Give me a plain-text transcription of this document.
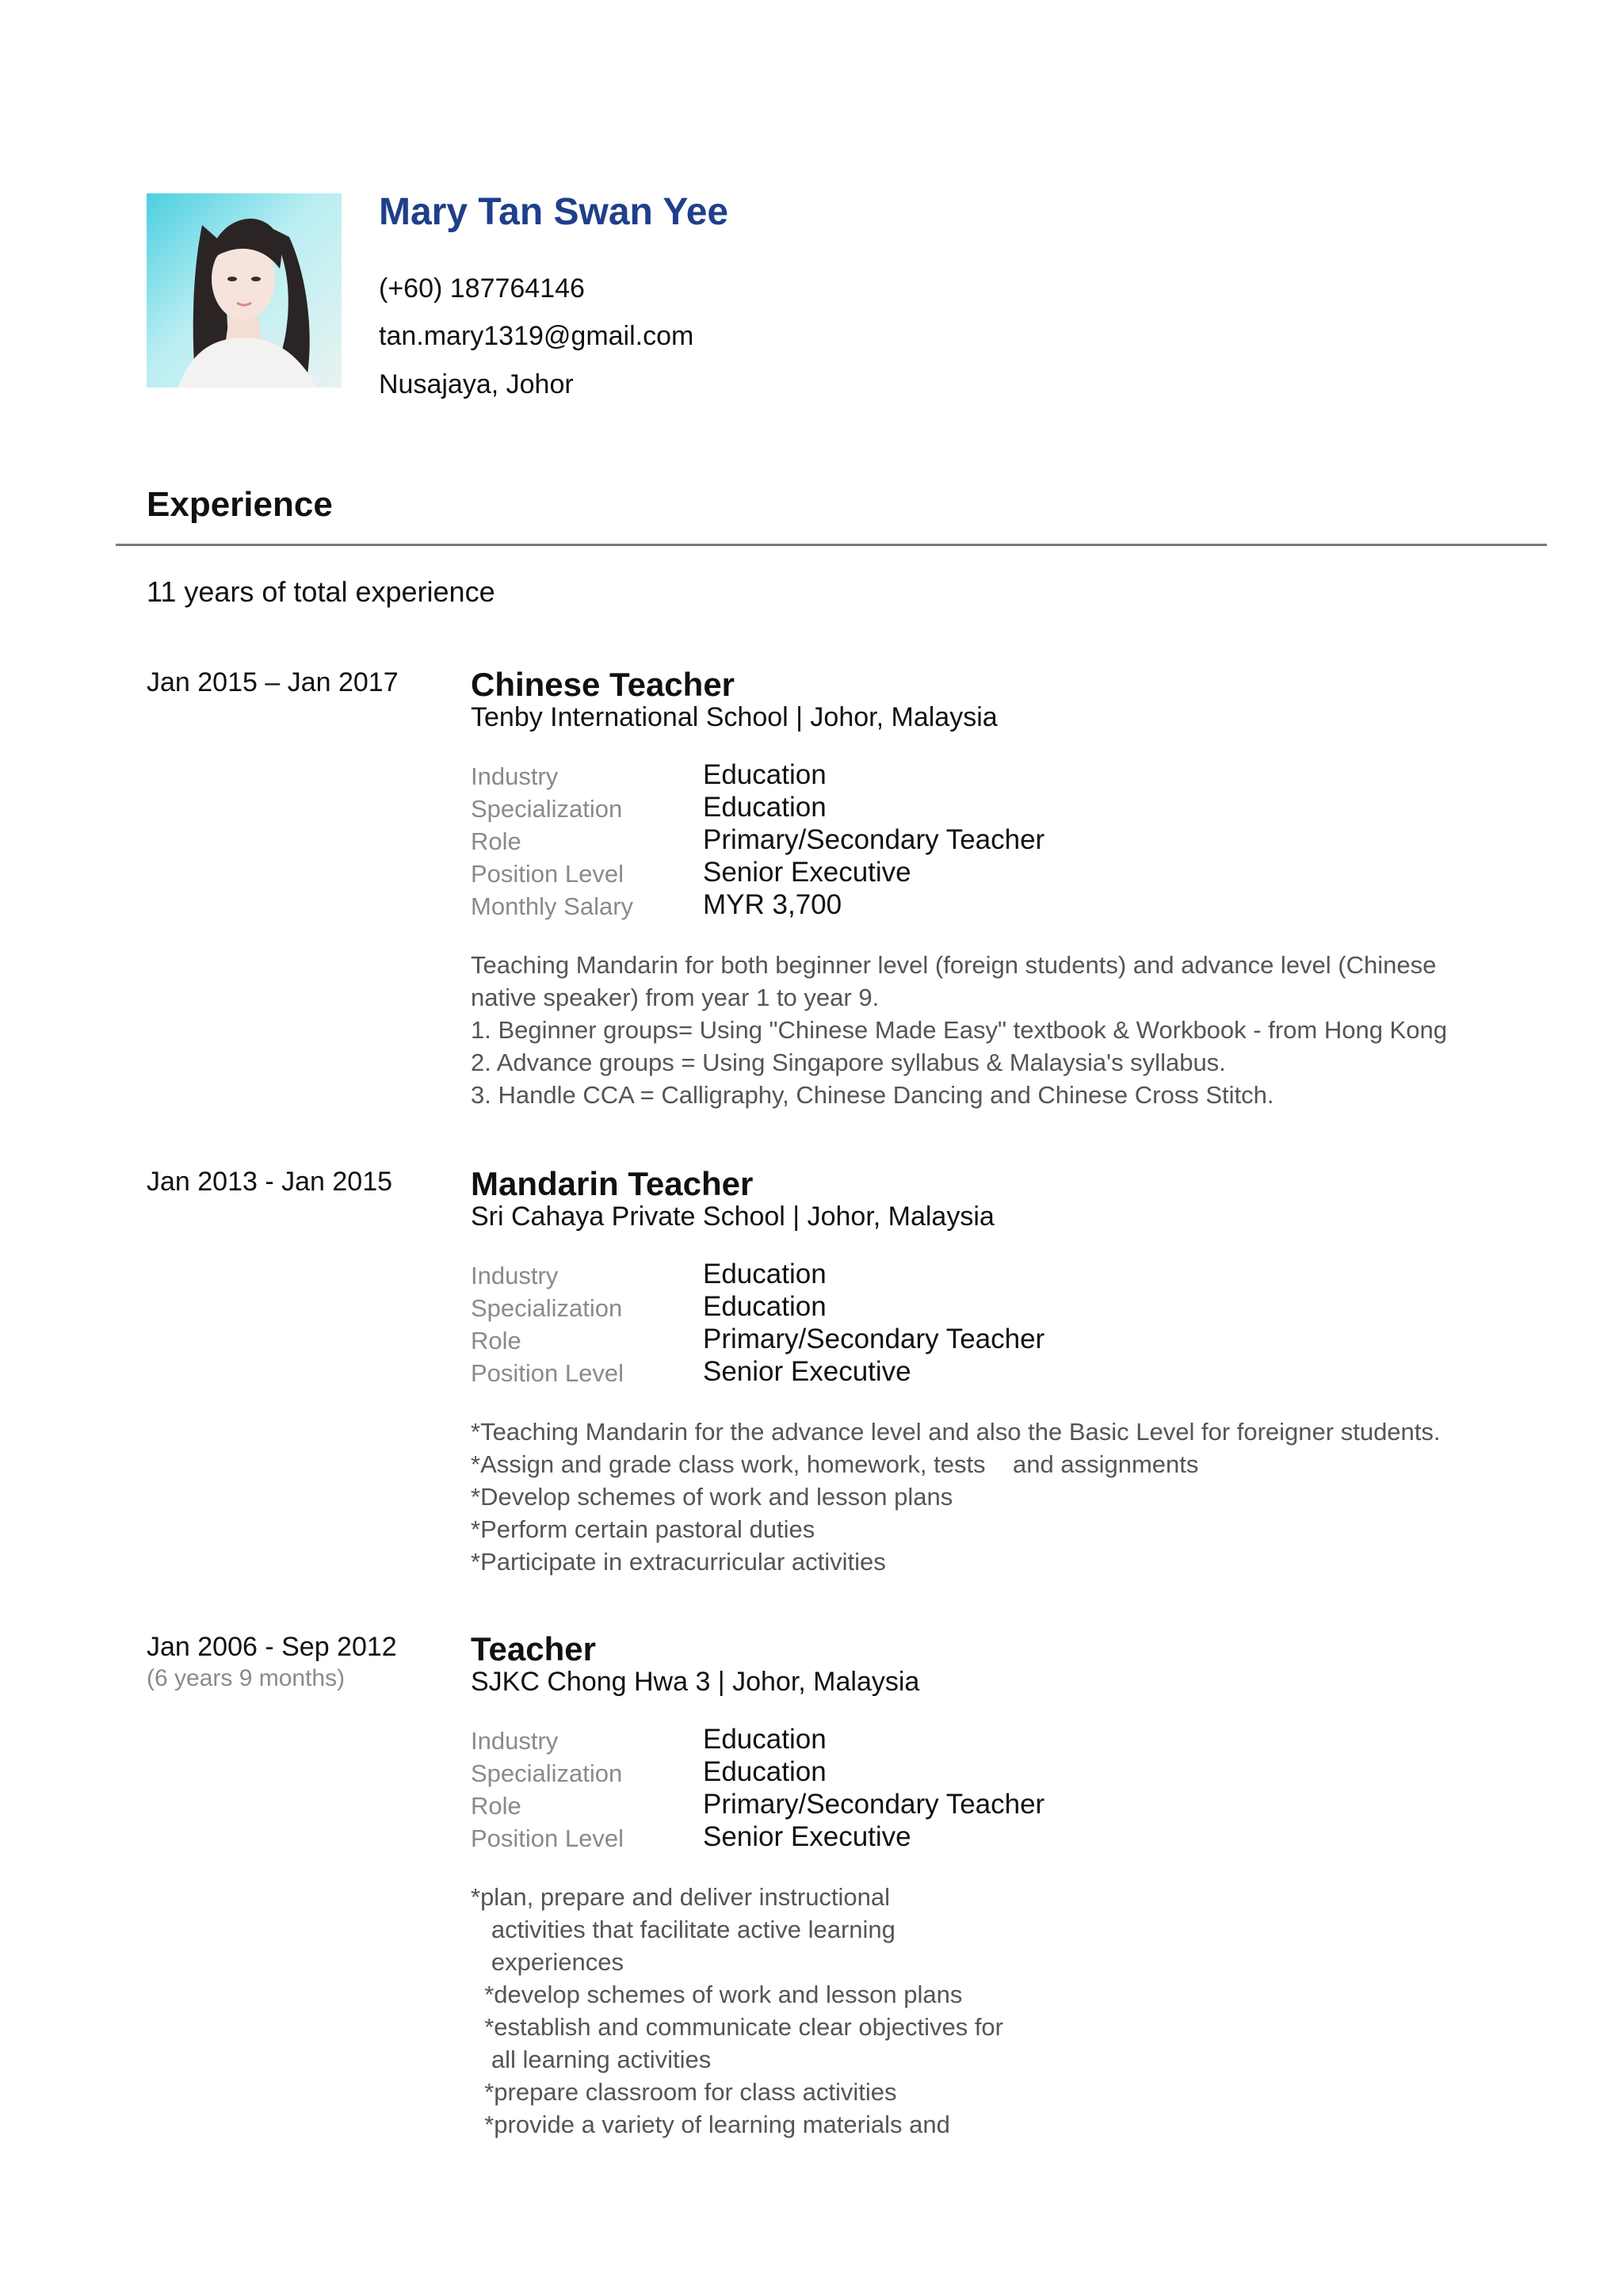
Mary Tan Swan Yee
(+60) 187764146
tan.mary1319@gmail.com
Nusajaya, Johor
Experience
11 years of total experience
Jan 2015 – Jan 2017 Chinese Teacher
Tenby International School | Johor, Malaysia
Industry	Education
Specialization	Education
Role	Primary/Secondary Teacher
Position Level	Senior Executive
Monthly Salary	MYR 3,700
Teaching Mandarin for both beginner level (foreign students) and advance level (Chinese
native speaker) from year 1 to year 9.
1. Beginner groups= Using "Chinese Made Easy" textbook & Workbook - from Hong Kong
2. Advance groups = Using Singapore syllabus & Malaysia's syllabus.
3. Handle CCA = Calligraphy, Chinese Dancing and Chinese Cross Stitch.
Jan 2013 - Jan 2015 Mandarin Teacher
Sri Cahaya Private School | Johor, Malaysia
Industry	Education
Specialization	Education
Role	Primary/Secondary Teacher
Position Level	Senior Executive
*Teaching Mandarin for the advance level and also the Basic Level for foreigner students.
*Assign and grade class work, homework, tests    and assignments
*Develop schemes of work and lesson plans
*Perform certain pastoral duties
*Participate in extracurricular activities
Jan 2006 - Sep 2012
(6 years 9 months)
Teacher
SJKC Chong Hwa 3 | Johor, Malaysia
Industry	Education
Specialization	Education
Role	Primary/Secondary Teacher
Position Level	Senior Executive
*plan, prepare and deliver instructional
activities that facilitate active learning
experiences
*develop schemes of work and lesson plans
*establish and communicate clear objectives for
all learning activities
*prepare classroom for class activities
*provide a variety of learning materials and
